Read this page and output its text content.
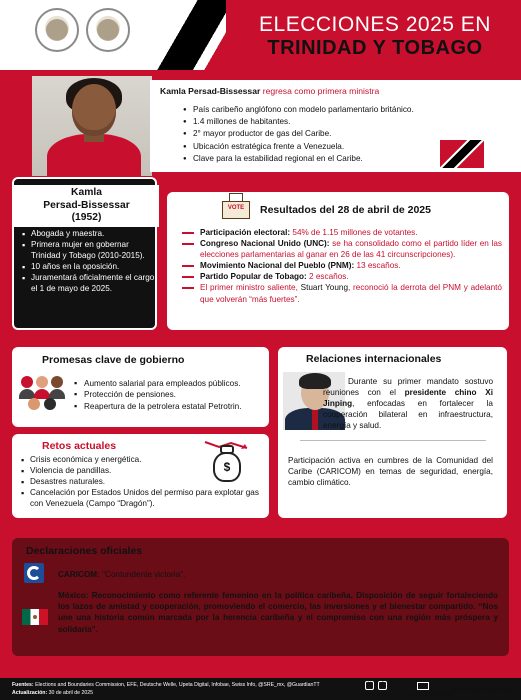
ELECCIONES 2025 EN
TRINIDAD Y TOBAGO
Kamla Persad-Bissessar regresa como primera ministra
● País caribeño anglófono con modelo parlamentario británico.
● 1.4 millones de habitantes.
● 2° mayor productor de gas del Caribe.
● Ubicación estratégica frente a Venezuela.
● Clave para la estabilidad regional en el Caribe.
Kamla
Persad-Bissessar
(1952)
▪ Abogada y maestra.
▪ Primera mujer en gobernar Trinidad y Tobago (2010-2015).
▪ 10 años en la oposición.
▪ Juramentará oficialmente el cargo el 1 de mayo de 2025.
VOTE	Resultados del 28 de abril de 2025
Participación electoral: 54% de 1.15 millones de votantes.
Congreso Nacional Unido (UNC): se ha consolidado como el partido líder en las elecciones parlamentarias al ganar en 26 de las 41 circunscripciones).
Movimiento Nacional del Pueblo (PNM): 13 escaños.
Partido Popular de Tobago: 2 escaños.
El primer ministro saliente, Stuart Young, reconoció la derrota del PNM y adelantó que volverán “más fuertes”.
Promesas clave de gobierno
▪ Aumento salarial para empleados públicos.
▪ Protección de pensiones.
▪ Reapertura de la petrolera estatal Petrotrin.
Retos actuales
$
▪ Crisis económica y energética.
▪ Violencia de pandillas.
▪ Desastres naturales.
▪ Cancelación por Estados Unidos del permiso para explotar gas con Venezuela (Campo “Dragón”).
Relaciones internacionales
Durante su primer mandato sostuvo reuniones con el presidente chino Xi Jinping, enfocadas en fortalecer la cooperación bilateral en infraestructura, energía y salud.
Participación activa en cumbres de la Comunidad del Caribe (CARICOM) en temas de seguridad, energía, cambio climático.
Declaraciones oficiales
CARICOM: "Contundente victoria".
México: Reconocimiento como referente femenino en la política caribeña. Disposición de seguir fortaleciendo los lazos de amistad y cooperación, promoviendo el comercio, las inversiones y el bienestar compartido. “Nos une una historia común marcada por la herencia caribeña y el compromiso con una región más próspera y solidaria”.
Fuentes: Elections and Boundaries Commission, EFE, Deutsche Welle, Upeta Digital, Infobae, Swiss Info, @SRE_mx, @GuardianTT
Actualización: 30 de abril de 2025
X	f
@CIIDBelisario	@IIDGilberto Belisario
http://bibliodigitalibd.senado.gob.mx
